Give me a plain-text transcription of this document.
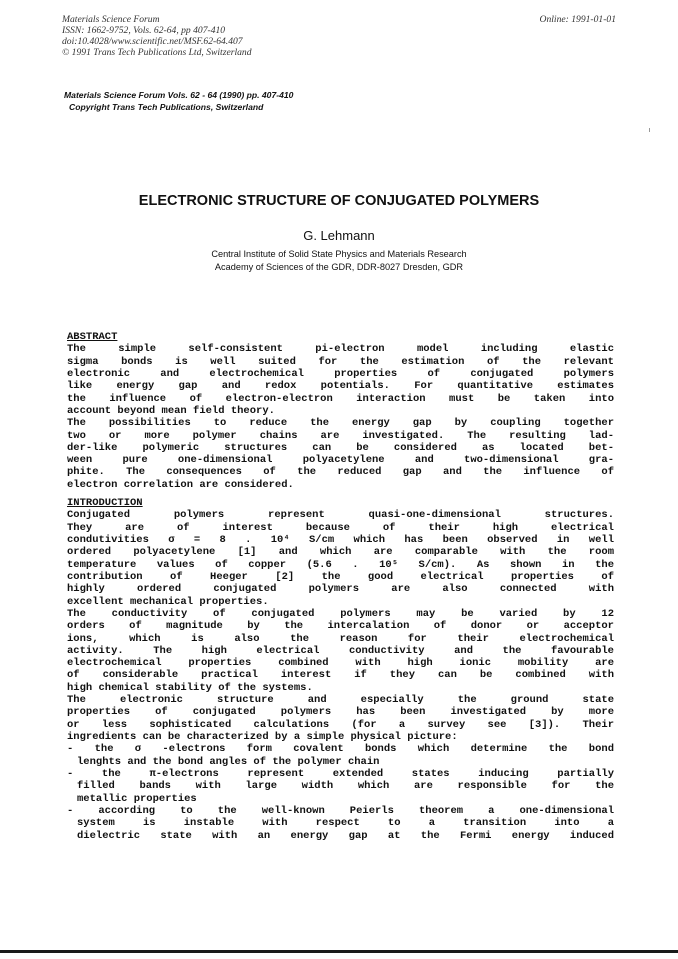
Materials Science Forum
ISSN: 1662-9752, Vols. 62-64, pp 407-410
doi:10.4028/www.scientific.net/MSF.62-64.407
© 1991 Trans Tech Publications Ltd, Switzerland
Online: 1991-01-01
Materials Science Forum Vols. 62 - 64 (1990) pp. 407-410
Copyright Trans Tech Publications, Switzerland
ELECTRONIC STRUCTURE OF CONJUGATED POLYMERS
G. Lehmann
Central Institute of Solid State Physics and Materials Research
Academy of Sciences of the GDR, DDR-8027 Dresden, GDR
ABSTRACT
The simple self-consistent pi-electron model including elastic
sigma bonds is well suited for the estimation of the relevant
electronic and electrochemical properties of conjugated polymers
like energy gap and redox potentials. For quantitative estimates
the influence of electron-electron interaction must be taken into
account beyond mean field theory.
The possibilities to reduce the energy gap by coupling together
two or more polymer chains are investigated. The resulting lad-
der-like polymeric structures can be considered as located bet-
ween pure one-dimensional polyacetylene and two-dimensional gra-
phite. The consequences of the reduced gap and the influence of
electron correlation are considered.
INTRODUCTION
Conjugated polymers represent quasi-one-dimensional structures.
They are of interest because of their high electrical
condutivities σ = 8 . 10⁴ S/cm which has been observed in well
ordered polyacetylene [1] and which are comparable with the room
temperature values of copper (5.6 . 10⁵ S/cm). As shown in the
contribution of Heeger [2] the good electrical properties of
highly ordered conjugated polymers are also connected with
excellent mechanical properties.
The conductivity of conjugated polymers may be varied by 12
orders of magnitude by the intercalation of donor or acceptor
ions, which is also the reason for their electrochemical
activity. The high electrical conductivity and the favourable
electrochemical properties combined with high ionic mobility are
of considerable practical interest if they can be combined with
high chemical stability of the systems.
The electronic structure and especially the ground state
properties of conjugated polymers has been investigated by more
or less sophisticated calculations (for a survey see [3]). Their
ingredients can be characterized by a simple physical picture:
- the σ -electrons form covalent bonds which determine the bond
lenghts and the bond angles of the polymer chain
- the π-electrons represent extended states inducing partially
filled bands with large width which are responsible for the
metallic properties
- according to the well-known Peierls theorem a one-dimensional
system is instable with respect to a transition into a
dielectric state with an energy gap at the Fermi energy induced
